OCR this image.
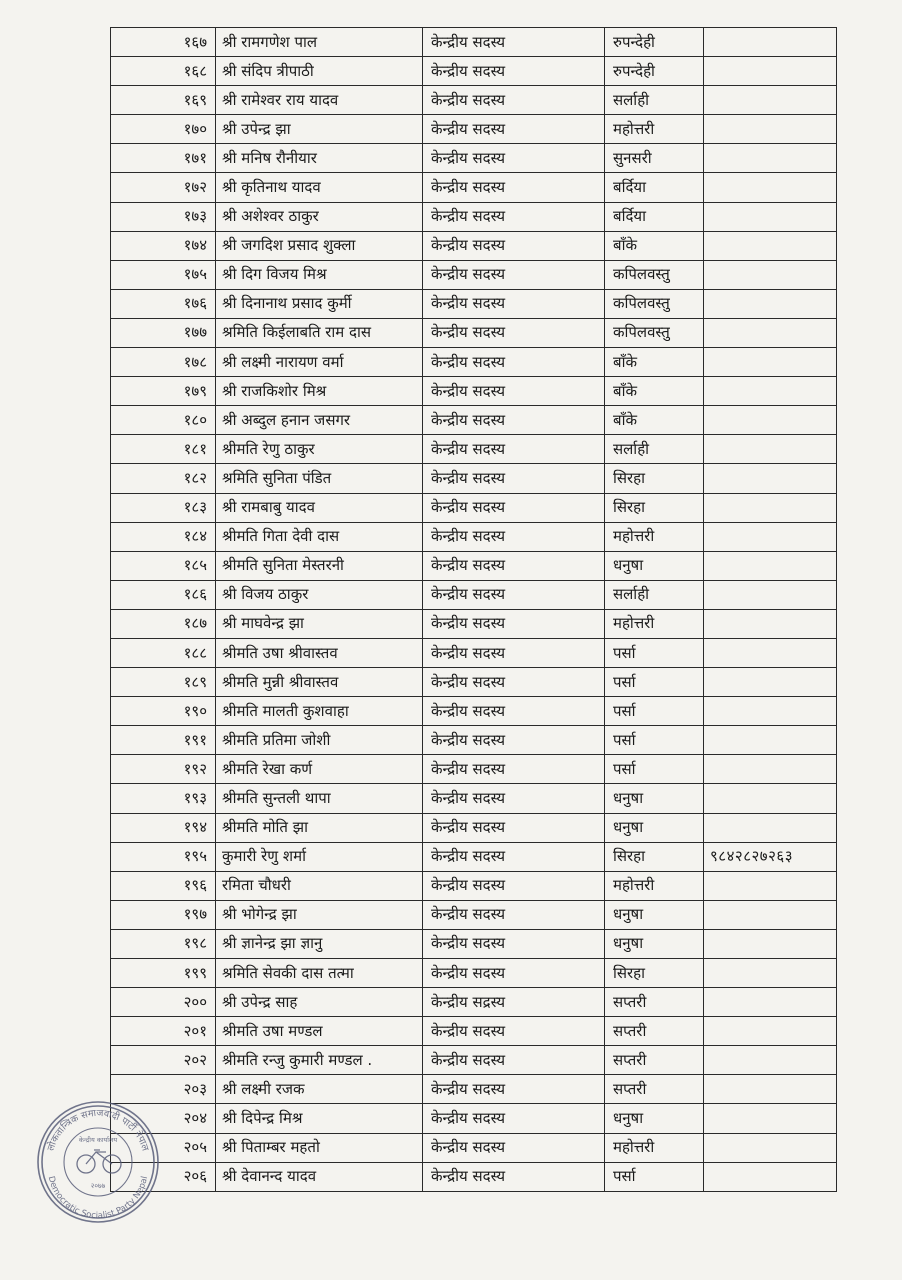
१६७	श्री रामगणेश पाल	केन्द्रीय सदस्य	रुपन्देही	
१६८	श्री संदिप त्रीपाठी	केन्द्रीय सदस्य	रुपन्देही	
१६९	श्री रामेश्वर राय यादव	केन्द्रीय सदस्य	सर्लाही	
१७०	श्री उपेन्द्र झा	केन्द्रीय सदस्य	महोत्तरी	
१७१	श्री मनिष रौनीयार	केन्द्रीय सदस्य	सुनसरी	
१७२	श्री कृतिनाथ यादव	केन्द्रीय सदस्य	बर्दिया	
१७३	श्री अशेश्वर ठाकुर	केन्द्रीय सदस्य	बर्दिया	
१७४	श्री जगदिश प्रसाद शुक्ला	केन्द्रीय सदस्य	बाँके	
१७५	श्री दिग विजय मिश्र	केन्द्रीय सदस्य	कपिलवस्तु	
१७६	श्री दिनानाथ प्रसाद कुर्मी	केन्द्रीय सदस्य	कपिलवस्तु	
१७७	श्रमिति किईलाबति राम दास	केन्द्रीय सदस्य	कपिलवस्तु	
१७८	श्री लक्ष्मी नारायण वर्मा	केन्द्रीय सदस्य	बाँके	
१७९	श्री राजकिशोर मिश्र	केन्द्रीय सदस्य	बाँके	
१८०	श्री अब्दुल हनान जसगर	केन्द्रीय सदस्य	बाँके	
१८१	श्रीमति रेणु ठाकुर	केन्द्रीय सदस्य	सर्लाही	
१८२	श्रमिति सुनिता पंडित	केन्द्रीय सदस्य	सिरहा	
१८३	श्री रामबाबु यादव	केन्द्रीय सदस्य	सिरहा	
१८४	श्रीमति गिता देवी दास	केन्द्रीय सदस्य	महोत्तरी	
१८५	श्रीमति सुनिता मेस्तरनी	केन्द्रीय सदस्य	धनुषा	
१८६	श्री विजय ठाकुर	केन्द्रीय सदस्य	सर्लाही	
१८७	श्री माघवेन्द्र झा	केन्द्रीय सदस्य	महोत्तरी	
१८८	श्रीमति उषा श्रीवास्तव	केन्द्रीय सदस्य	पर्सा	
१८९	श्रीमति मुन्नी श्रीवास्तव	केन्द्रीय सदस्य	पर्सा	
१९०	श्रीमति मालती कुशवाहा	केन्द्रीय सदस्य	पर्सा	
१९१	श्रीमति प्रतिमा जोशी	केन्द्रीय सदस्य	पर्सा	
१९२	श्रीमति रेखा कर्ण	केन्द्रीय सदस्य	पर्सा	
१९३	श्रीमति सुन्तली थापा	केन्द्रीय सदस्य	धनुषा	
१९४	श्रीमति मोति झा	केन्द्रीय सदस्य	धनुषा	
१९५	कुमारी रेणु शर्मा	केन्द्रीय सदस्य	सिरहा	९८४२८२७२६३
१९६	रमिता चौधरी	केन्द्रीय सदस्य	महोत्तरी	
१९७	श्री भोगेन्द्र झा	केन्द्रीय सदस्य	धनुषा	
१९८	श्री ज्ञानेन्द्र झा ज्ञानु	केन्द्रीय सदस्य	धनुषा	
१९९	श्रमिति सेवकी दास तत्मा	केन्द्रीय सदस्य	सिरहा	
२००	श्री उपेन्द्र साह	केन्द्रीय सद्रस्य	सप्तरी	
२०१	श्रीमति उषा मण्डल	केन्द्रीय सदस्य	सप्तरी	
२०२	श्रीमति रन्जु कुमारी मण्डल .	केन्द्रीय सदस्य	सप्तरी	
२०३	श्री लक्ष्मी रजक	केन्द्रीय सदस्य	सप्तरी	
२०४	श्री दिपेन्द्र मिश्र	केन्द्रीय सदस्य	धनुषा	
२०५	श्री पिताम्बर महतो	केन्द्रीय सदस्य	महोत्तरी	
२०६	श्री देवानन्द यादव	केन्द्रीय सदस्य	पर्सा	
लोकतान्त्रिक समाजवादी पार्टी नेपाल
Democratic Socialist Party Nepal
केन्द्रीय कार्यालय
२०७७
